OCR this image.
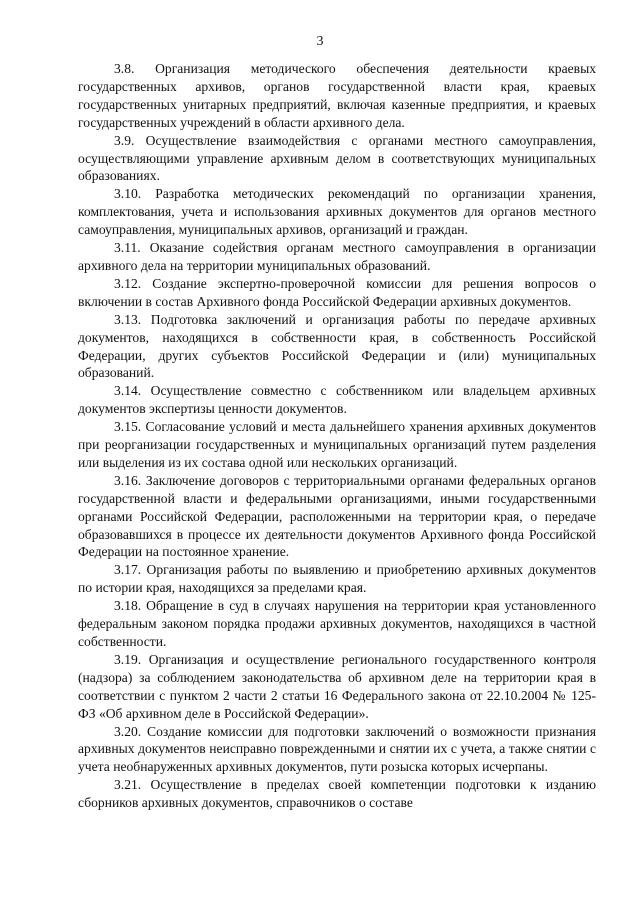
3

3.8. Организация методического обеспечения деятельности краевых государственных архивов, органов государственной власти края, краевых государственных унитарных предприятий, включая казенные предприятия, и краевых государственных учреждений в области архивного дела.

3.9. Осуществление взаимодействия с органами местного самоуправления, осуществляющими управление архивным делом в соответствующих муниципальных образованиях.

3.10. Разработка методических рекомендаций по организации хранения, комплектования, учета и использования архивных документов для органов местного самоуправления, муниципальных архивов, организаций и граждан.

3.11. Оказание содействия органам местного самоуправления в организации архивного дела на территории муниципальных образований.

3.12. Создание экспертно-проверочной комиссии для решения вопросов о включении в состав Архивного фонда Российской Федерации архивных документов.

3.13. Подготовка заключений и организация работы по передаче архивных документов, находящихся в собственности края, в собственность Российской Федерации, других субъектов Российской Федерации и (или) муниципальных образований.

3.14. Осуществление совместно с собственником или владельцем архивных документов экспертизы ценности документов.

3.15. Согласование условий и места дальнейшего хранения архивных документов при реорганизации государственных и муниципальных организаций путем разделения или выделения из их состава одной или нескольких организаций.

3.16. Заключение договоров с территориальными органами федеральных органов государственной власти и федеральными организациями, иными государственными органами Российской Федерации, расположенными на территории края, о передаче образовавшихся в процессе их деятельности документов Архивного фонда Российской Федерации на постоянное хранение.

3.17. Организация работы по выявлению и приобретению архивных документов по истории края, находящихся за пределами края.

3.18. Обращение в суд в случаях нарушения на территории края установленного федеральным законом порядка продажи архивных документов, находящихся в частной собственности.

3.19. Организация и осуществление регионального государственного контроля (надзора) за соблюдением законодательства об архивном деле на территории края в соответствии с пунктом 2 части 2 статьи 16 Федерального закона от 22.10.2004 № 125-ФЗ «Об архивном деле в Российской Федерации».

3.20. Создание комиссии для подготовки заключений о возможности признания архивных документов неисправно поврежденными и снятии их с учета, а также снятии с учета необнаруженных архивных документов, пути розыска которых исчерпаны.

3.21. Осуществление в пределах своей компетенции подготовки к изданию сборников архивных документов, справочников о составе
